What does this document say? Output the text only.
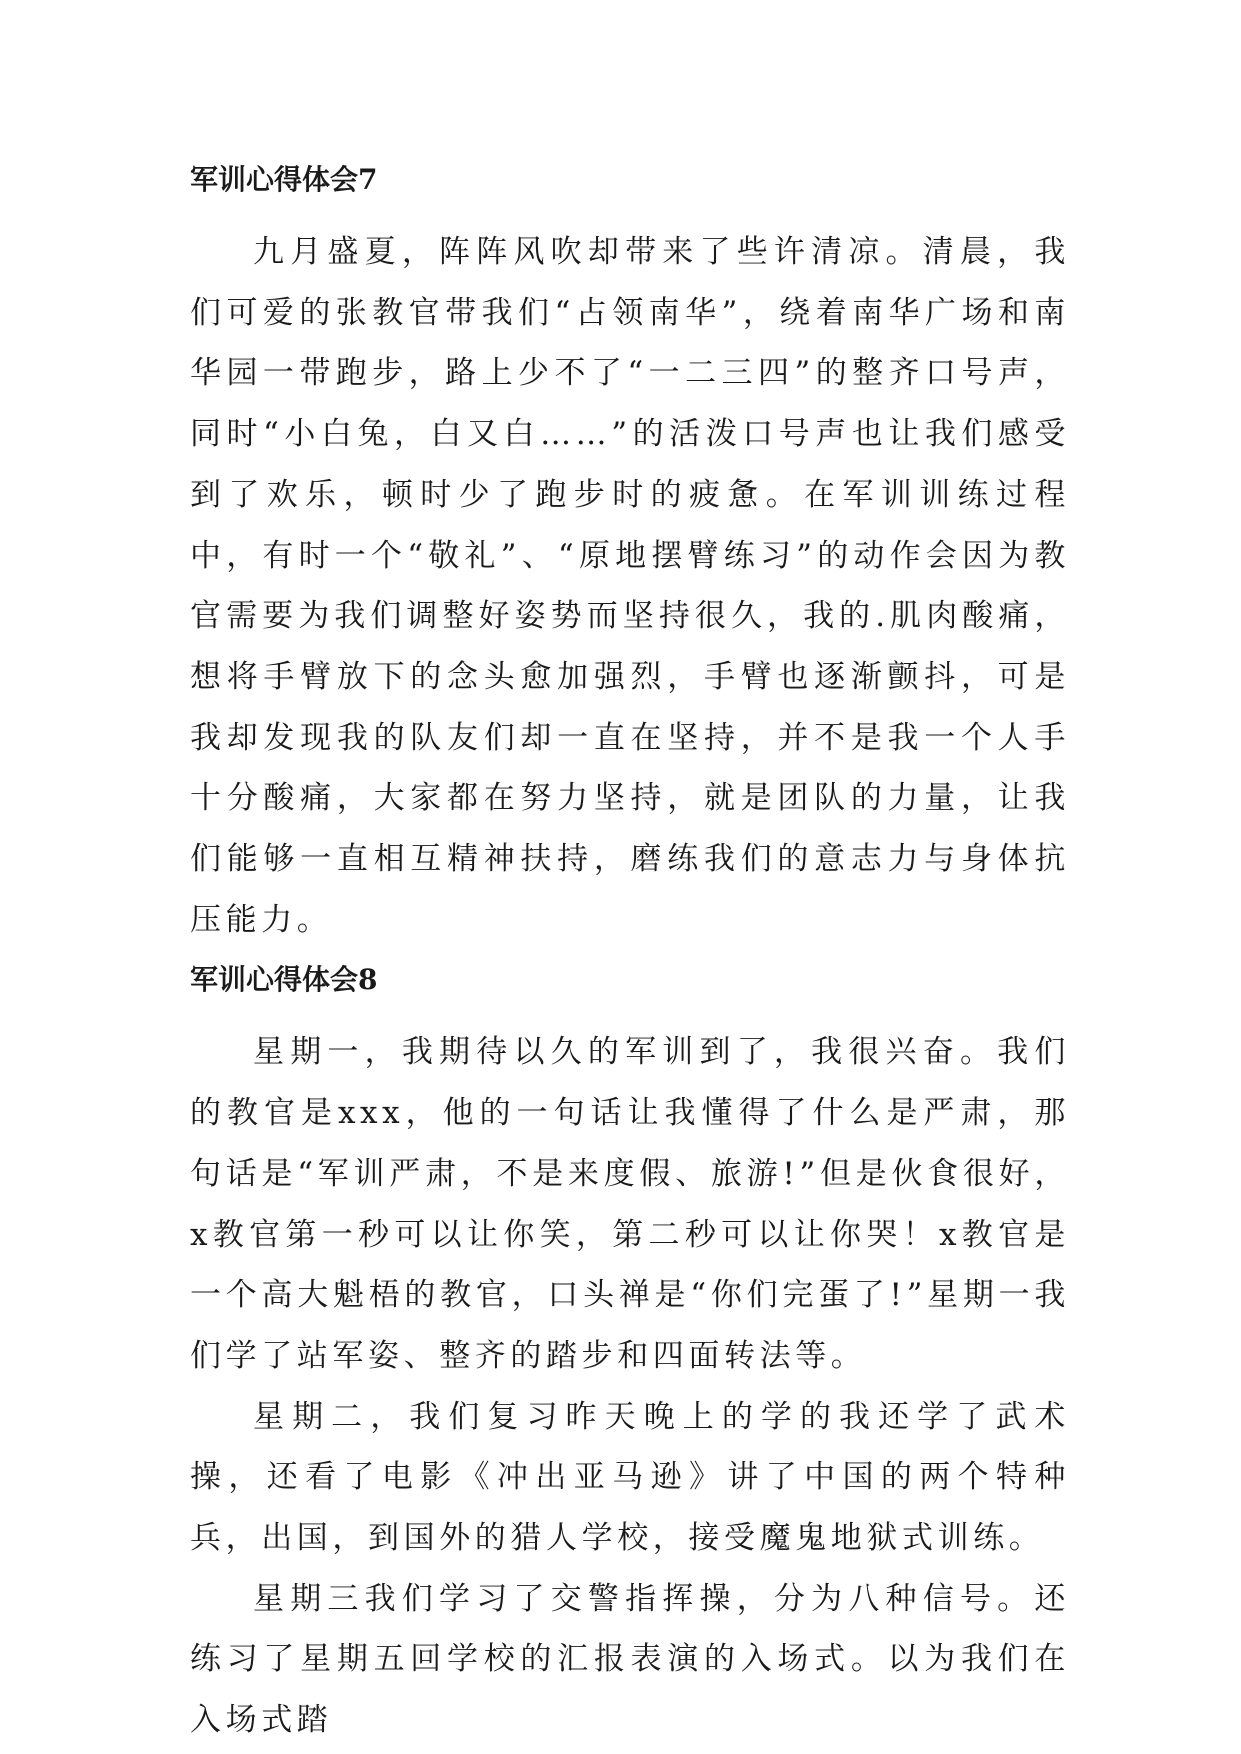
军训心得体会7

九月盛夏，阵阵风吹却带来了些许清凉。清晨，我们可爱的张教官带我们“占领南华”，绕着南华广场和南华园一带跑步，路上少不了“一二三四”的整齐口号声，同时“小白兔，白又白……”的活泼口号声也让我们感受到了欢乐，顿时少了跑步时的疲惫。在军训训练过程中，有时一个“敬礼”、“原地摆臂练习”的动作会因为教官需要为我们调整好姿势而坚持很久，我的.肌肉酸痛，想将手臂放下的念头愈加强烈，手臂也逐渐颤抖，可是我却发现我的队友们却一直在坚持，并不是我一个人手十分酸痛，大家都在努力坚持，就是团队的力量，让我们能够一直相互精神扶持，磨练我们的意志力与身体抗压能力。

军训心得体会8

星期一，我期待以久的军训到了，我很兴奋。我们的教官是xxx，他的一句话让我懂得了什么是严肃，那句话是“军训严肃，不是来度假、旅游!”但是伙食很好，x教官第一秒可以让你笑，第二秒可以让你哭！x教官是一个高大魁梧的教官，口头禅是“你们完蛋了!”星期一我们学了站军姿、整齐的踏步和四面转法等。

星期二，我们复习昨天晚上的学的我还学了武术操，还看了电影《冲出亚马逊》讲了中国的两个特种兵，出国，到国外的猎人学校，接受魔鬼地狱式训练。

星期三我们学习了交警指挥操，分为八种信号。还练习了星期五回学校的汇报表演的入场式。以为我们在入场式踏
